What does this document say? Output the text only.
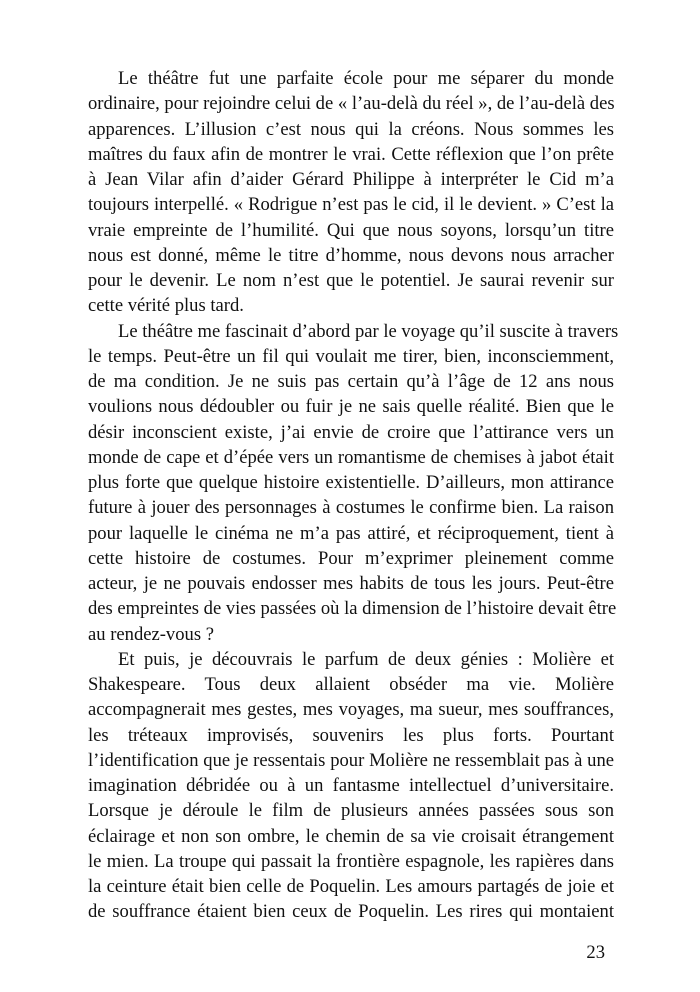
Le théâtre fut une parfaite école pour me séparer du monde
ordinaire, pour rejoindre celui de « l’au-delà du réel », de l’au-delà des
apparences. L’illusion c’est nous qui la créons. Nous sommes les
maîtres du faux afin de montrer le vrai. Cette réflexion que l’on prête
à Jean Vilar afin d’aider Gérard Philippe à interpréter le Cid m’a
toujours interpellé. « Rodrigue n’est pas le cid, il le devient. » C’est la
vraie empreinte de l’humilité. Qui que nous soyons, lorsqu’un titre
nous est donné, même le titre d’homme, nous devons nous arracher
pour le devenir. Le nom n’est que le potentiel. Je saurai revenir sur
cette vérité plus tard.
Le théâtre me fascinait d’abord par le voyage qu’il suscite à travers
le temps. Peut-être un fil qui voulait me tirer, bien, inconsciemment,
de ma condition. Je ne suis pas certain qu’à l’âge de 12 ans nous
voulions nous dédoubler ou fuir je ne sais quelle réalité. Bien que le
désir inconscient existe, j’ai envie de croire que l’attirance vers un
monde de cape et d’épée vers un romantisme de chemises à jabot était
plus forte que quelque histoire existentielle. D’ailleurs, mon attirance
future à jouer des personnages à costumes le confirme bien. La raison
pour laquelle le cinéma ne m’a pas attiré, et réciproquement, tient à
cette histoire de costumes. Pour m’exprimer pleinement comme
acteur, je ne pouvais endosser mes habits de tous les jours. Peut-être
des empreintes de vies passées où la dimension de l’histoire devait être
au rendez-vous ?
Et puis, je découvrais le parfum de deux génies : Molière et
Shakespeare. Tous deux allaient obséder ma vie. Molière
accompagnerait mes gestes, mes voyages, ma sueur, mes souffrances,
les tréteaux improvisés, souvenirs les plus forts. Pourtant
l’identification que je ressentais pour Molière ne ressemblait pas à une
imagination débridée ou à un fantasme intellectuel d’universitaire.
Lorsque je déroule le film de plusieurs années passées sous son
éclairage et non son ombre, le chemin de sa vie croisait étrangement
le mien. La troupe qui passait la frontière espagnole, les rapières dans
la ceinture était bien celle de Poquelin. Les amours partagés de joie et
de souffrance étaient bien ceux de Poquelin. Les rires qui montaient
23
